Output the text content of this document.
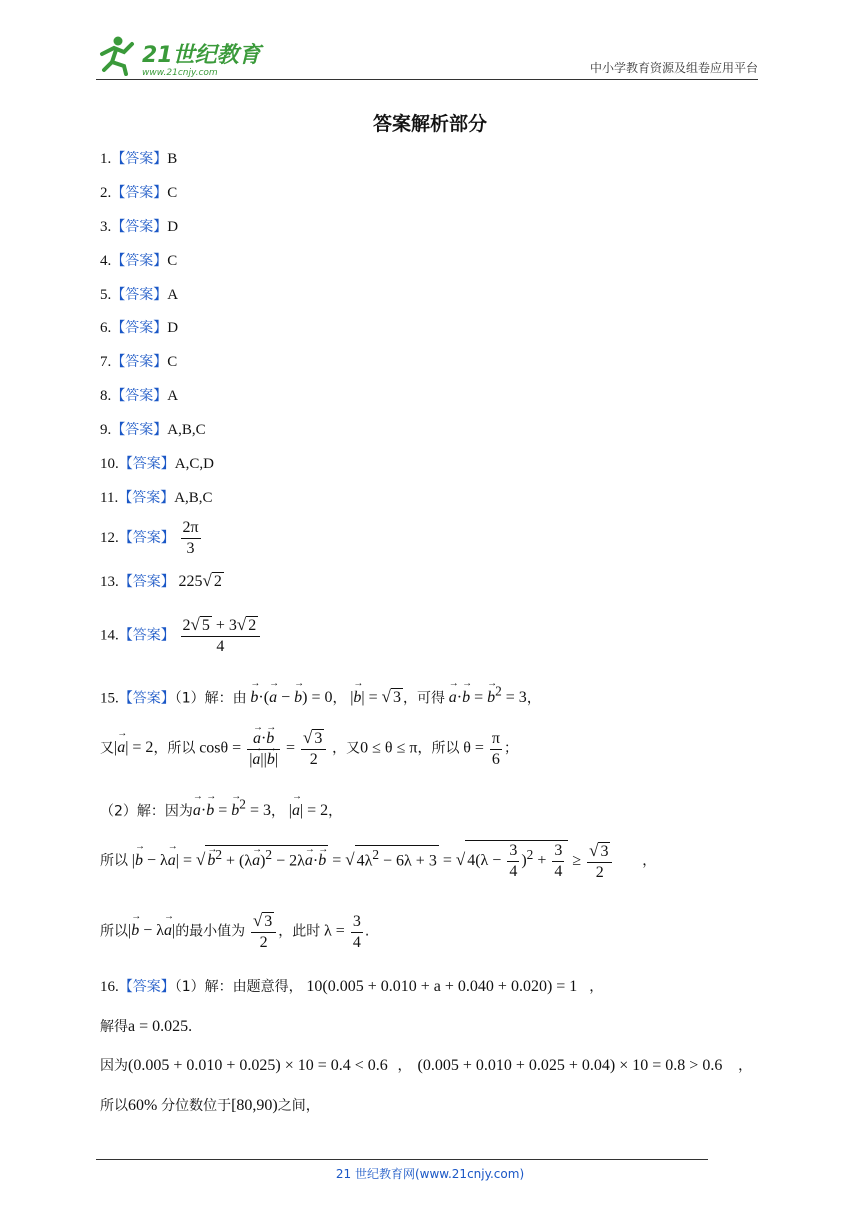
21世纪教育
www.21cnjy.com	中小学教育资源及组卷应用平台
答案解析部分
1.【答案】B
2.【答案】C
3.【答案】D
4.【答案】C
5.【答案】A
6.【答案】D
7.【答案】C
8.【答案】A
9.【答案】A,B,C
10.【答案】A,C,D
11.【答案】A,B,C
12.【答案】 $\frac{2\pi}{3}$
13.【答案】 225√ 2
14.【答案】 $\frac{2√ 5 + 3√ 2}{4}$
15.【答案】（1）解：由 → b·(→ a − → b) = 0， |→ b| = √ 3 ，可得 → a·→ b = → $b^2 = 3$，
又|→ a| = 2，所以 cosθ = → $\frac{a\cdot\to b}{|\to a||\to b|} = \frac{√ 3}{2}$ ，又0 ≤ θ ≤ π，所以 $\theta = \frac{\pi}{6}$ ；
（2）解：因为→ a·→ b = → $b^2 = 3$， |→ a| = 2，
所以 |→ b − λ→ a| = √ → $b^2 + (\lambda\to a)^2 - 2\lambda\to a\cdot\to b$ = √ $4\lambda^2 - 6\lambda + 3$ = √ $4(\lambda - \frac{3}{4} )^2 + \frac{3}{4} \ge \frac{√ 3}{2}$ ，
所以|→ b − λ→ a|的最小值为 $\frac{√ 3}{2}$ ，此时 $\lambda = \frac{3}{4}$ .
16.【答案】（1）解：由题意得， 10(0.005 + 0.010 + a + 0.040 + 0.020) = 1 ，
解得a = 0.025.
因为(0.005 + 0.010 + 0.025) × 10 = 0.4 < 0.6 ， (0.005 + 0.010 + 0.025 + 0.04) × 10 = 0.8 > 0.6 ，
所以60% 分位数位于[80,90)之间，
21 世纪教育网(www.21cnjy.com)
